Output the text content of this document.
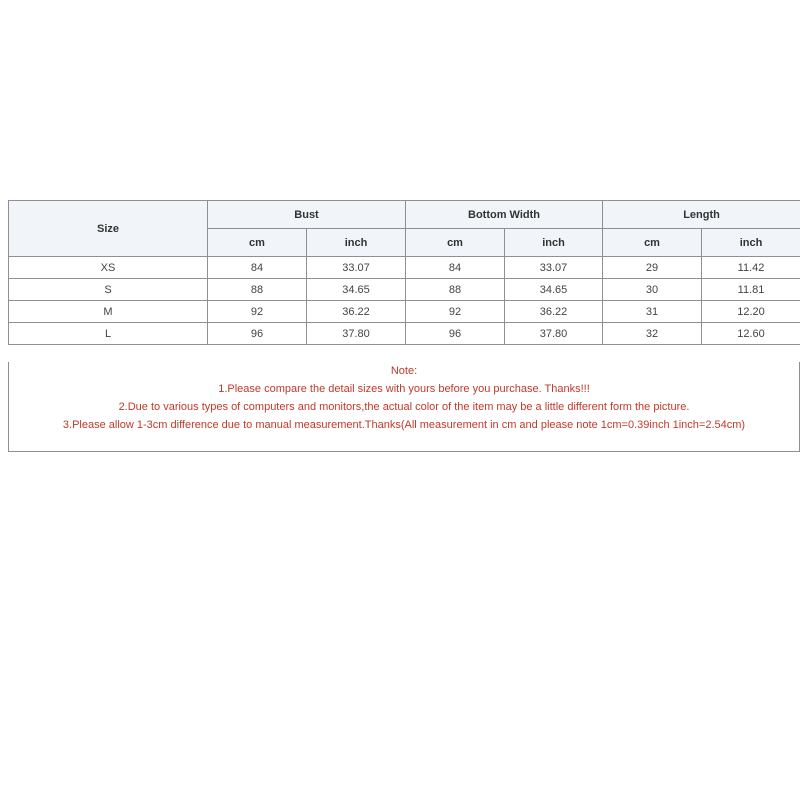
Size	Bust		Bottom Width		Length	
	cm	inch	cm	inch	cm	inch
XS	84	33.07	84	33.07	29	11.42
S	88	34.65	88	34.65	30	11.81
M	92	36.22	92	36.22	31	12.20
L	96	37.80	96	37.80	32	12.60
Note:
1.Please compare the detail sizes with yours before you purchase. Thanks!!!
2.Due to various types of computers and monitors,the actual color of the item may be a little different form the picture.
3.Please allow 1-3cm difference due to manual measurement.Thanks(All measurement in cm and please note 1cm=0.39inch 1inch=2.54cm)
